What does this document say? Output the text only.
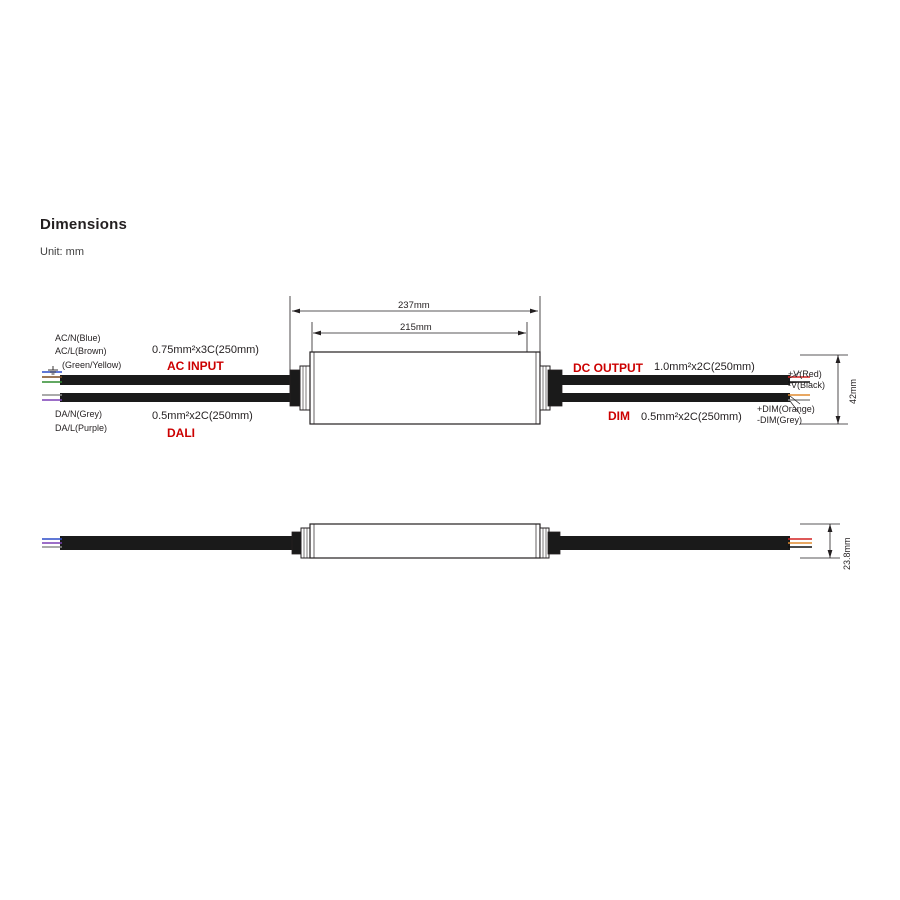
Dimensions
Unit: mm
237mm
215mm
42mm
23.8mm
AC/N(Blue)
AC/L(Brown)
(Green/Yellow)
DA/N(Grey)
DA/L(Purple)
0.75mm²x3C(250mm)
AC INPUT
0.5mm²x2C(250mm)
DALI
DC OUTPUT 1.0mm²x2C(250mm)
+V(Red)
-V(Black)
DIM 0.5mm²x2C(250mm)
+DIM(Orange)
-DIM(Grey)
